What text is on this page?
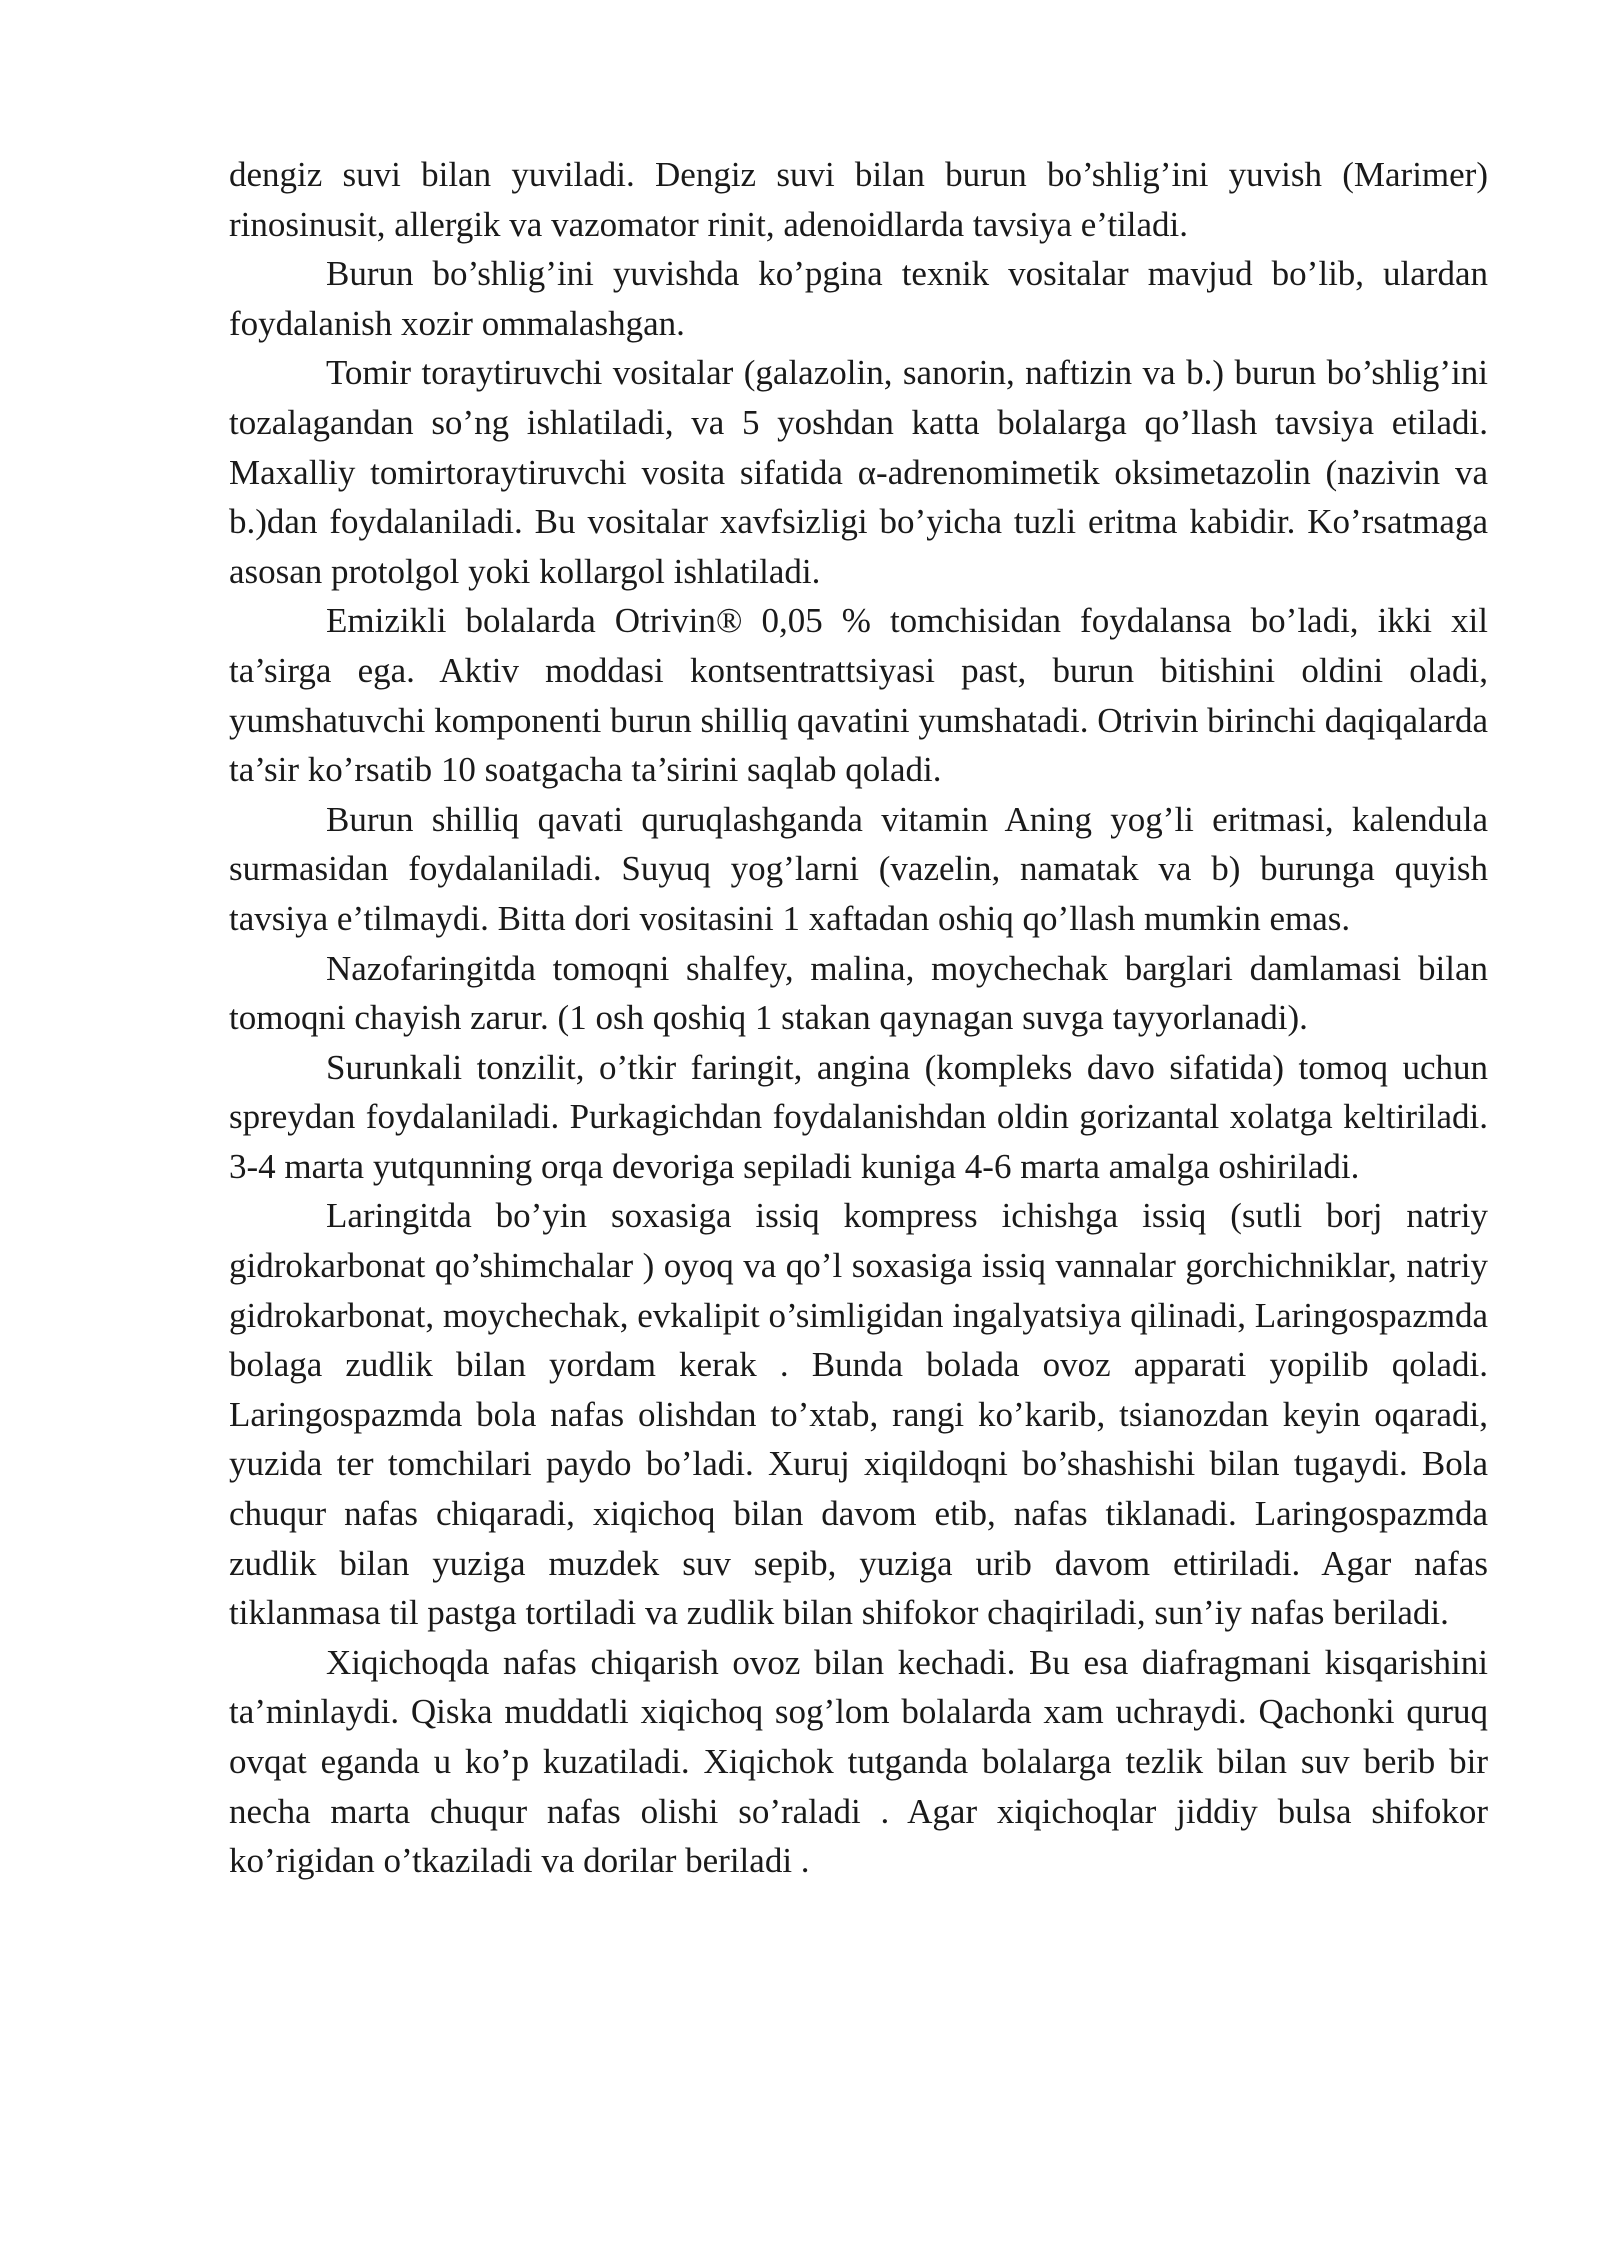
dengiz suvi bilan yuviladi. Dengiz suvi bilan burun bo’shlig’ini yuvish (Marimer) rinosinusit, allergik va vazomator rinit, adenoidlarda tavsiya e’tiladi.

Burun bo’shlig’ini yuvishda ko’pgina texnik vositalar mavjud bo’lib, ulardan foydalanish xozir ommalashgan.

Tomir toraytiruvchi vositalar (galazolin, sanorin, naftizin va b.) burun bo’shlig’ini tozalagandan so’ng ishlatiladi, va 5 yoshdan katta bolalarga qo’llash tavsiya etiladi. Maxalliy tomirtoraytiruvchi vosita sifatida α-adrenomimetik oksimetazolin (nazivin va b.)dan foydalaniladi. Bu vositalar xavfsizligi bo’yicha tuzli eritma kabidir. Ko’rsatmaga asosan protolgol yoki kollargol ishlatiladi.

Emizikli bolalarda Otrivin® 0,05 % tomchisidan foydalansa bo’ladi, ikki xil ta’sirga ega. Aktiv moddasi kontsentrattsiyasi past, burun bitishini oldini oladi, yumshatuvchi komponenti burun shilliq qavatini yumshatadi. Otrivin birinchi daqiqalarda ta’sir ko’rsatib 10 soatgacha ta’sirini saqlab qoladi.

Burun shilliq qavati quruqlashganda vitamin Aning yog’li eritmasi, kalendula surmasidan foydalaniladi. Suyuq yog’larni (vazelin, namatak va b) burunga quyish tavsiya e’tilmaydi. Bitta dori vositasini 1 xaftadan oshiq qo’llash mumkin emas.

Nazofaringitda tomoqni shalfey, malina, moychechak barglari damlamasi bilan tomoqni chayish zarur. (1 osh qoshiq 1 stakan qaynagan suvga tayyorlanadi).

Surunkali tonzilit, o’tkir faringit, angina (kompleks davo sifatida) tomoq uchun spreydan foydalaniladi. Purkagichdan foydalanishdan oldin gorizantal xolatga keltiriladi. 3-4 marta yutqunning orqa devoriga sepiladi kuniga 4-6 marta amalga oshiriladi.

Laringitda bo’yin soxasiga issiq kompress ichishga issiq (sutli borj natriy gidrokarbonat qo’shimchalar ) oyoq va qo’l soxasiga issiq vannalar gorchichniklar, natriy gidrokarbonat, moychechak, evkalipit o’simligidan ingalyatsiya qilinadi, Laringospazmda bolaga zudlik bilan yordam kerak . Bunda bolada ovoz apparati yopilib qoladi. Laringospazmda bola nafas olishdan to’xtab, rangi ko’karib, tsianozdan keyin oqaradi, yuzida ter tomchilari paydo bo’ladi. Xuruj xiqildoqni bo’shashishi bilan tugaydi. Bola chuqur nafas chiqaradi, xiqichoq bilan davom etib, nafas tiklanadi. Laringospazmda zudlik bilan yuziga muzdek suv sepib, yuziga urib davom ettiriladi. Agar nafas tiklanmasa til pastga tortiladi va zudlik bilan shifokor chaqiriladi, sun’iy nafas beriladi.

Xiqichoqda nafas chiqarish ovoz bilan kechadi. Bu esa diafragmani kisqarishini ta’minlaydi. Qiska muddatli xiqichoq sog’lom bolalarda xam uchraydi. Qachonki quruq ovqat eganda u ko’p kuzatiladi. Xiqichok tutganda bolalarga tezlik bilan suv berib bir necha marta chuqur nafas olishi so’raladi . Agar xiqichoqlar jiddiy bulsa shifokor ko’rigidan o’tkaziladi va dorilar beriladi .
